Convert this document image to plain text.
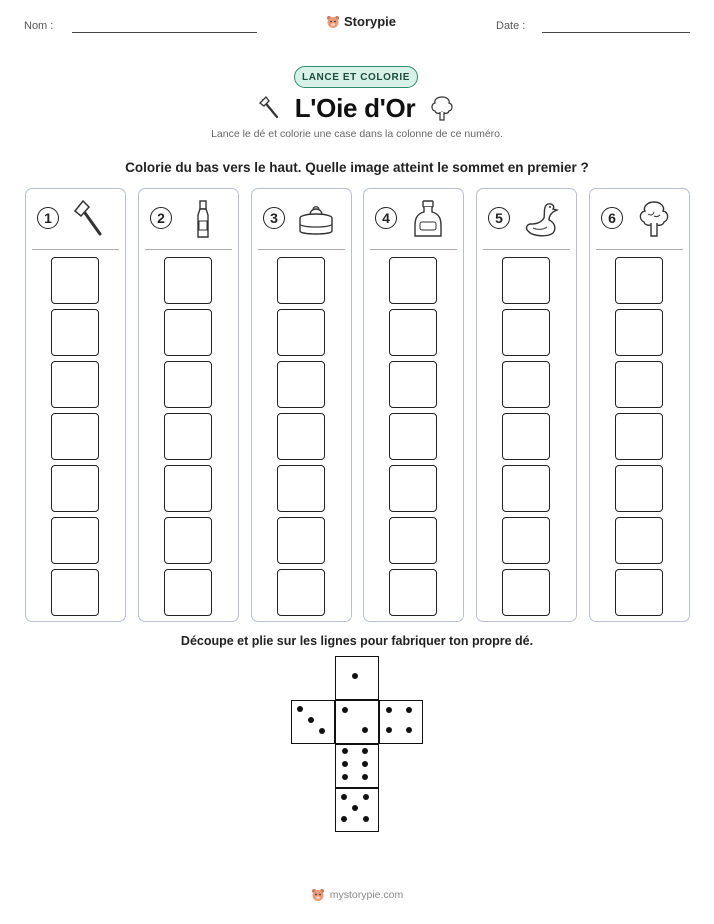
Nom :	Storypie	Date :
LANCE ET COLORIE
L'Oie d'Or
Lance le dé et colorie une case dans la colonne de ce numéro.
Colorie du bas vers le haut. Quelle image atteint le sommet en premier ?
1	2	3	4	5	6
Découpe et plie sur les lignes pour fabriquer ton propre dé.
mystorypie.com
